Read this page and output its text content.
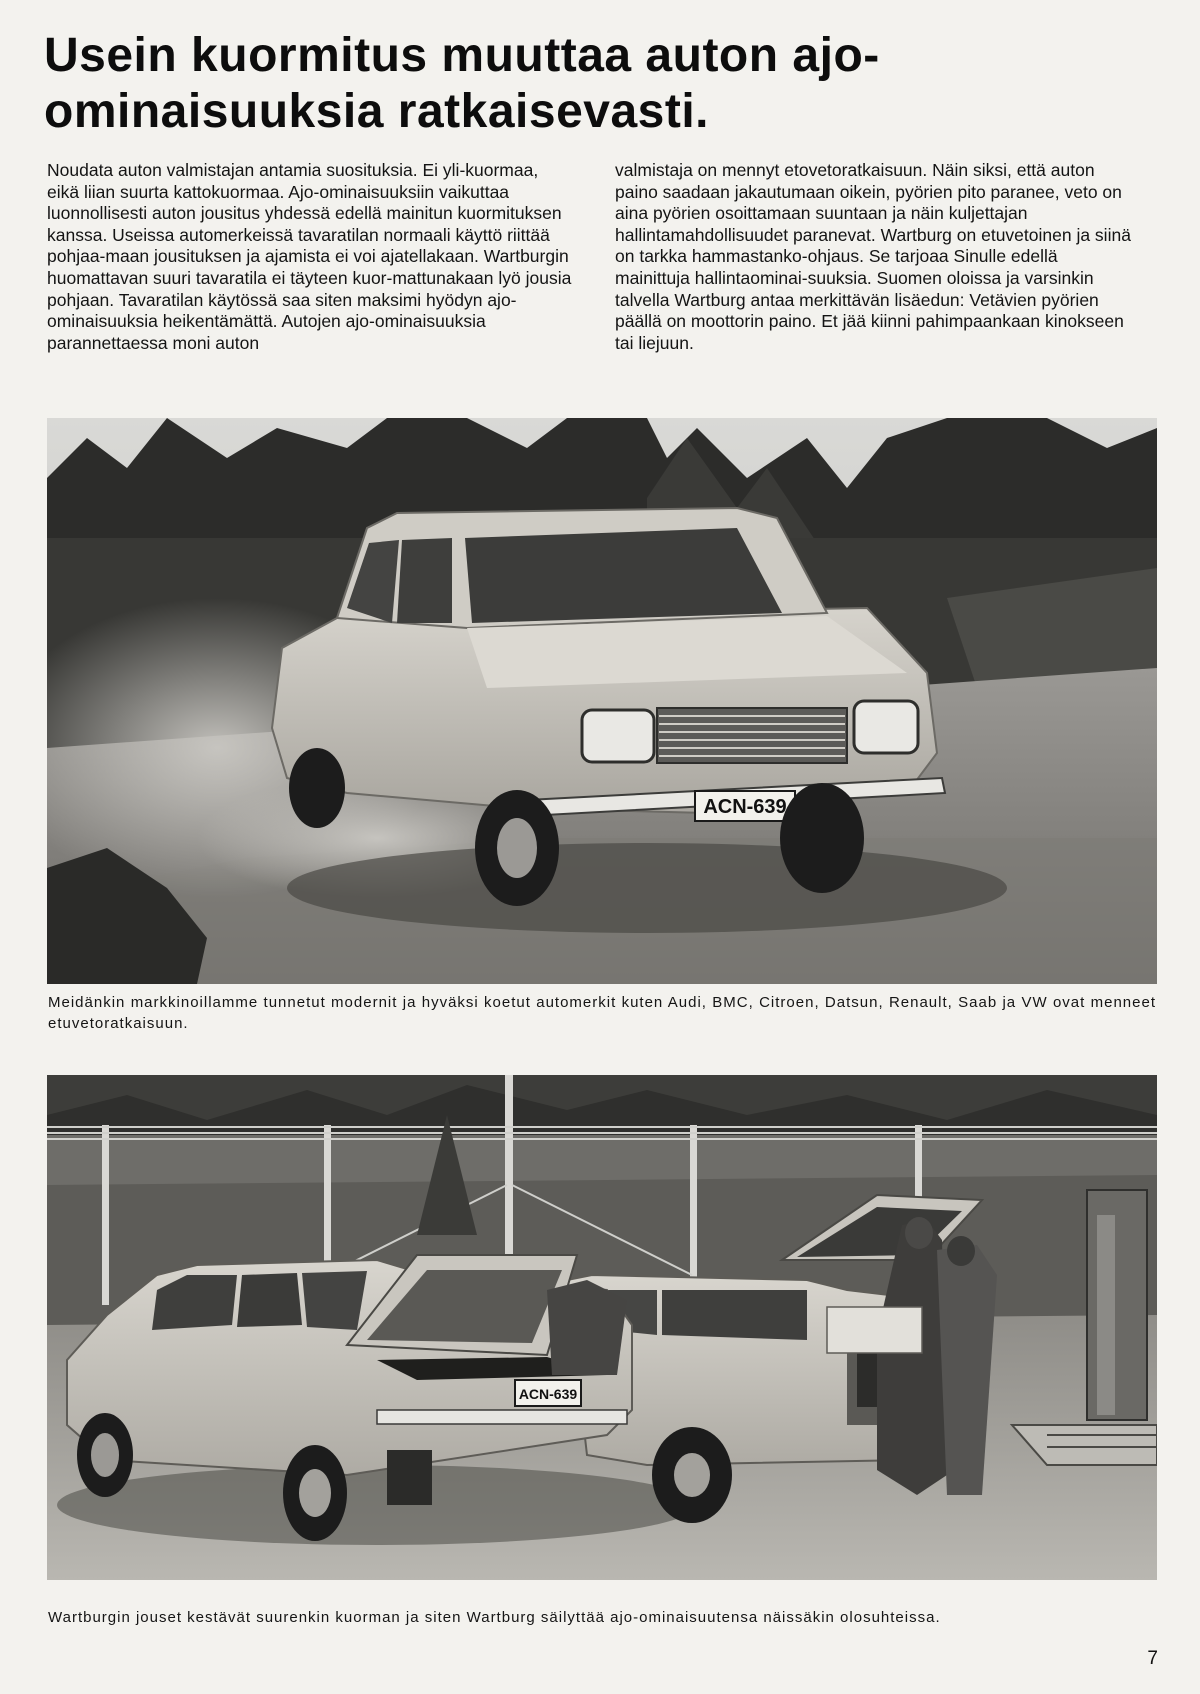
Usein kuormitus muuttaa auton ajo-ominaisuuksia ratkaisevasti.

Noudata auton valmistajan antamia suosituksia. Ei yli-kuormaa, eikä liian suurta kattokuormaa. Ajo-ominaisuuksiin vaikuttaa luonnollisesti auton jousitus yhdessä edellä mainitun kuormituksen kanssa. Useissa automerkeissä tavaratilan normaali käyttö riittää pohjaa-maan jousituksen ja ajamista ei voi ajatellakaan. Wartburgin huomattavan suuri tavaratila ei täyteen kuor-mattunakaan lyö jousia pohjaan. Tavaratilan käytössä saa siten maksimi hyödyn ajo-ominaisuuksia heikentämättä. Autojen ajo-ominaisuuksia parannettaessa moni auton

valmistaja on mennyt etovetoratkaisuun. Näin siksi, että auton paino saadaan jakautumaan oikein, pyörien pito paranee, veto on aina pyörien osoittamaan suuntaan ja näin kuljettajan hallintamahdollisuudet paranevat. Wartburg on etuvetoinen ja siinä on tarkka hammastanko-ohjaus. Se tarjoaa Sinulle edellä mainittuja hallintaominai-suuksia. Suomen oloissa ja varsinkin talvella Wartburg antaa merkittävän lisäedun: Vetävien pyörien päällä on moottorin paino. Et jää kiinni pahimpaankaan kinokseen tai liejuun.

ACN-639
Meidänkin markkinoillamme tunnetut modernit ja hyväksi koetut automerkit kuten Audi, BMC, Citroen, Datsun, Renault, Saab ja VW ovat menneet etuvetoratkaisuun.
ACN-639
Wartburgin jouset kestävät suurenkin kuorman ja siten Wartburg säilyttää ajo-ominaisuutensa näissäkin olosuhteissa.
7
